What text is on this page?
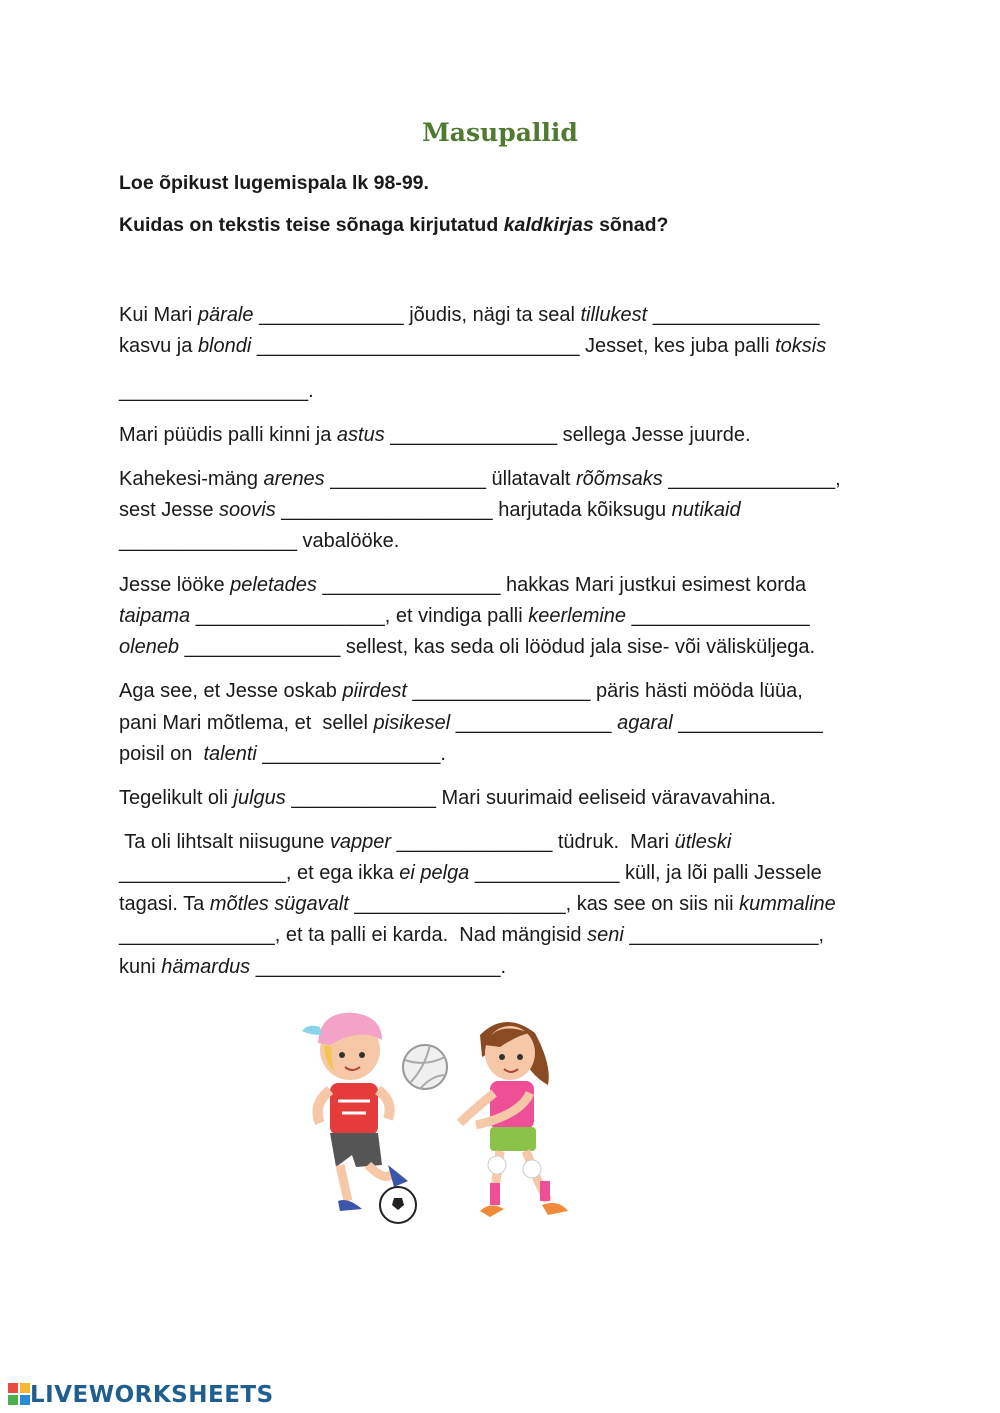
Masupallid
Loe õpikust lugemispala lk 98-99.
Kuidas on tekstis teise sõnaga kirjutatud kaldkirjas sõnad?
Kui Mari pärale _____________ jõudis, nägi ta seal tillukest _______________
kasvu ja blondi _____________________________ Jesset, kes juba palli toksis
_________________.
Mari püüdis palli kinni ja astus _______________ sellega Jesse juurde.
Kahekesi-mäng arenes ______________ üllatavalt rõõmsaks _______________,
sest Jesse soovis ___________________ harjutada kõiksugu nutikaid
________________ vabalööke.
Jesse lööke peletades ________________ hakkas Mari justkui esimest korda
taipama _________________, et vindiga palli keerlemine ________________
oleneb ______________ sellest, kas seda oli löödud jala sise- või välisküljega.
Aga see, et Jesse oskab piirdest ________________ päris hästi mööda lüüa,
pani Mari mõtlema, et  sellel pisikesel ______________ agaral _____________
poisil on  talenti ________________.
Tegelikult oli julgus _____________ Mari suurimaid eeliseid väravavahina.
Ta oli lihtsalt niisugune vapper ______________ tüdruk.  Mari ütleski
_______________, et ega ikka ei pelga _____________ küll, ja lõi palli Jessele
tagasi. Ta mõtles sügavalt ___________________, kas see on siis nii kummaline
______________, et ta palli ei karda.  Nad mängisid seni _________________,
kuni hämardus ______________________.
LIVEWORKSHEETS
